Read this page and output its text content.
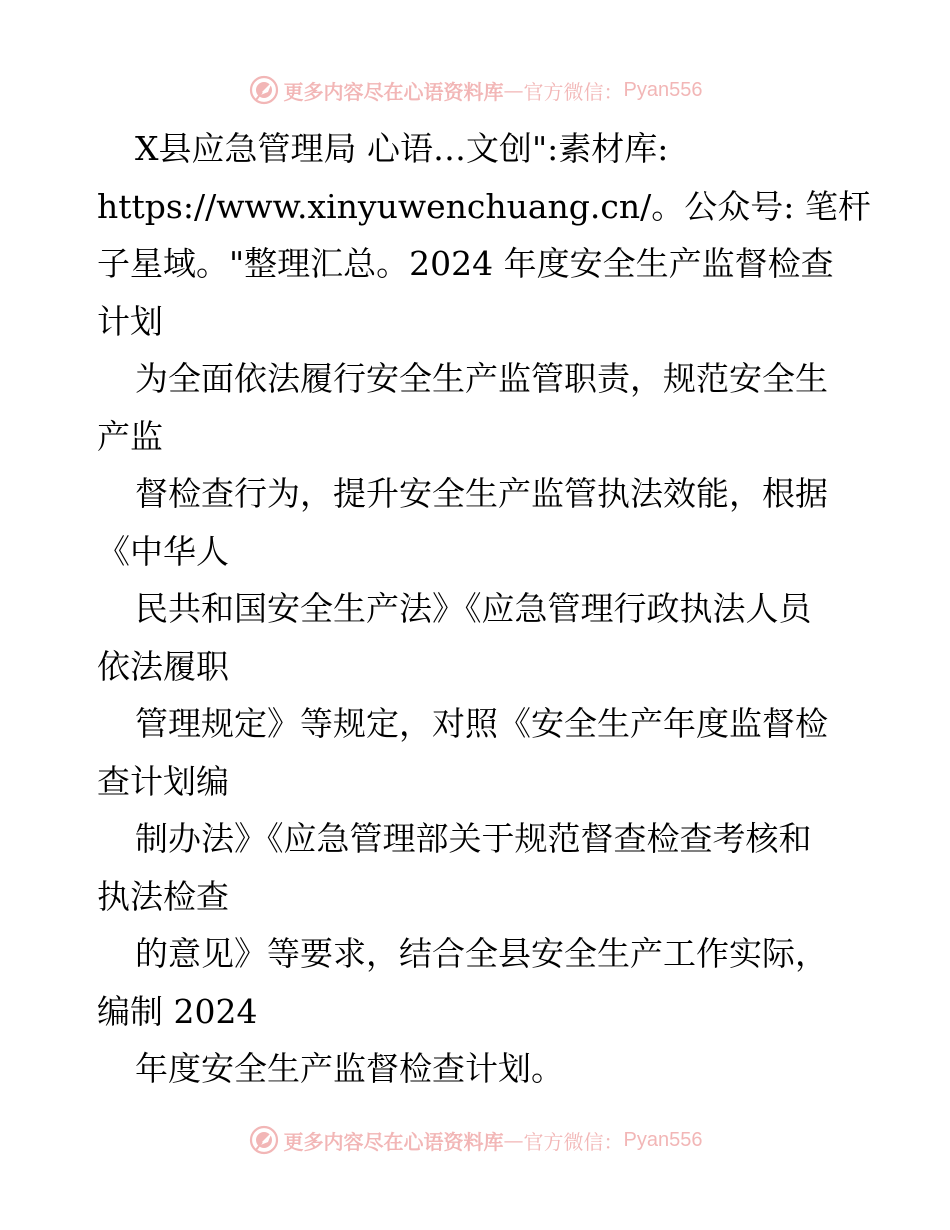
更多内容尽在心语资料库 — 官方微信： Pyan556
X县应急管理局 心语…文创":素材库:
https://www.xinyuwenchuang.cn/。公众号: 笔杆
子星域。"整理汇总。2024 年度安全生产监督检查
计划
为全面依法履行安全生产监管职责，规范安全生
产监
督检查行为，提升安全生产监管执法效能，根据
《中华人
民共和国安全生产法》《应急管理行政执法人员
依法履职
管理规定》等规定，对照《安全生产年度监督检
查计划编
制办法》《应急管理部关于规范督查检查考核和
执法检查
的意见》等要求，结合全县安全生产工作实际，
编制 2024
年度安全生产监督检查计划。
更多内容尽在心语资料库 — 官方微信： Pyan556
